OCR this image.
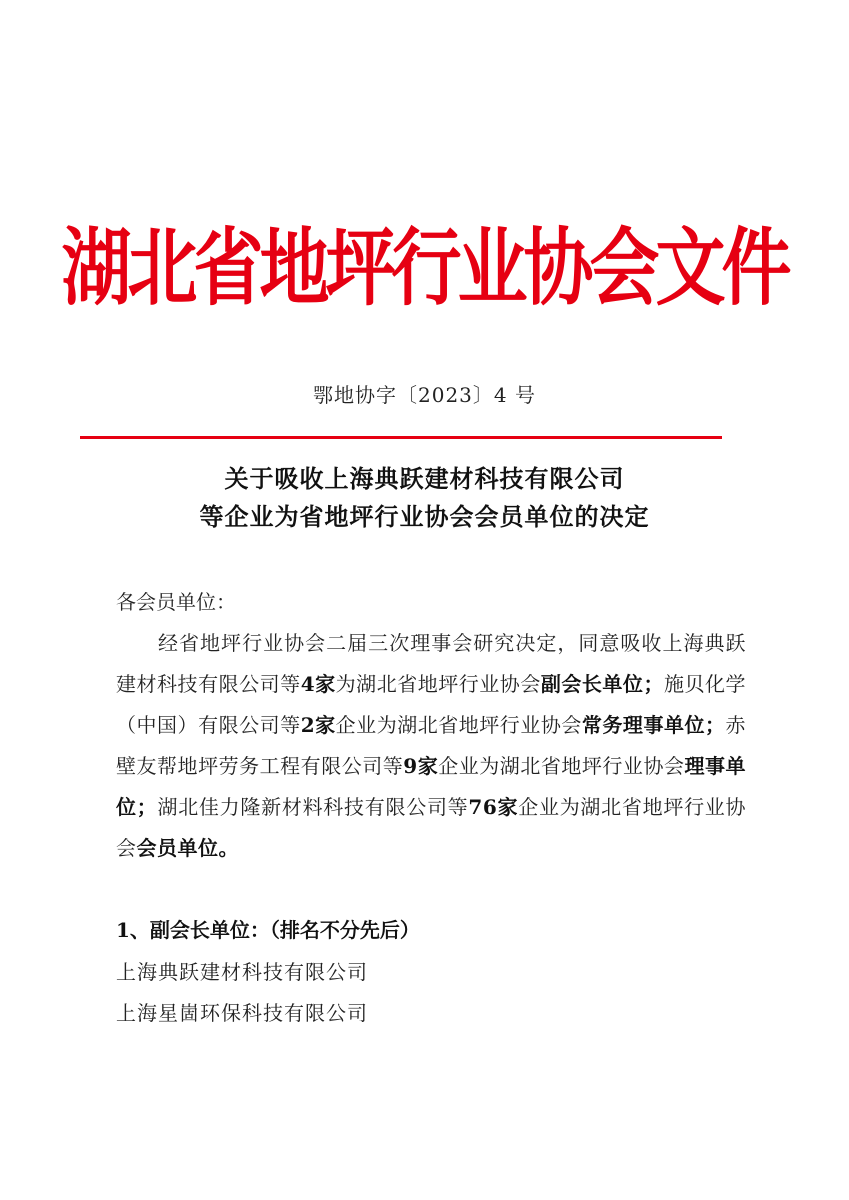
湖北省地坪行业协会文件
鄂地协字〔2023〕4 号
关于吸收上海典跃建材科技有限公司
等企业为省地坪行业协会会员单位的决定
各会员单位：
经省地坪行业协会二届三次理事会研究决定，同意吸收上海典跃建材科技有限公司等4家为湖北省地坪行业协会副会长单位；施贝化学（中国）有限公司等2家企业为湖北省地坪行业协会常务理事单位；赤壁友帮地坪劳务工程有限公司等9家企业为湖北省地坪行业协会理事单位；湖北佳力隆新材料科技有限公司等76家企业为湖北省地坪行业协会会员单位。
1、副会长单位：（排名不分先后）
上海典跃建材科技有限公司
上海星崮环保科技有限公司
